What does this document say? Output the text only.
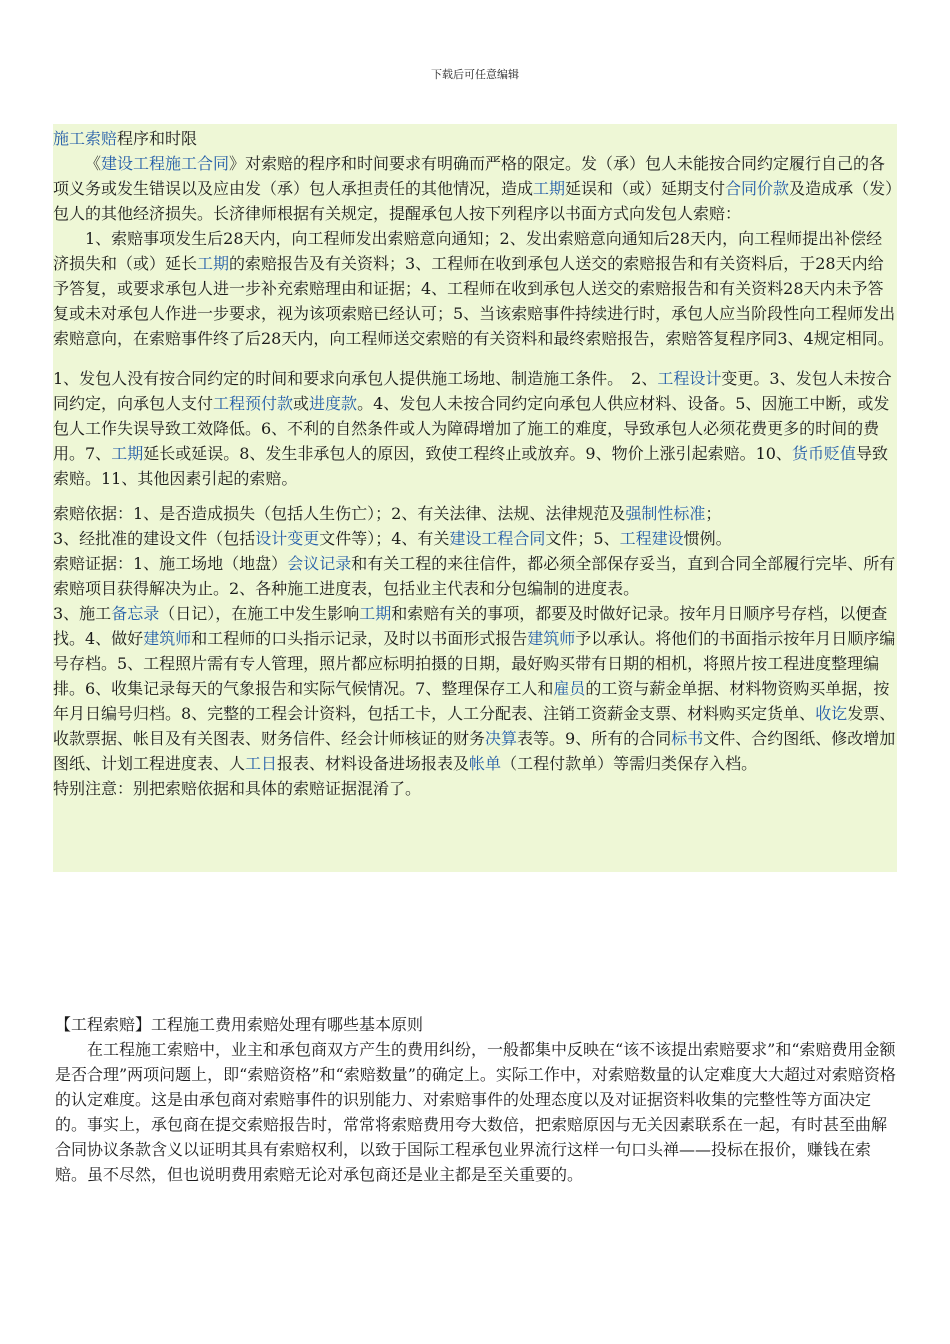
下载后可任意编辑

施工索赔程序和时限

《建设工程施工合同》对索赔的程序和时间要求有明确而严格的限定。发（承）包人未能按合同约定履行自己的各项义务或发生错误以及应由发（承）包人承担责任的其他情况，造成工期延误和（或）延期支付合同价款及造成承（发）包人的其他经济损失。长济律师根据有关规定，提醒承包人按下列程序以书面方式向发包人索赔：

1、索赔事项发生后28天内，向工程师发出索赔意向通知；2、发出索赔意向通知后28天内，向工程师提出补偿经济损失和（或）延长工期的索赔报告及有关资料；3、工程师在收到承包人送交的索赔报告和有关资料后，于28天内给予答复，或要求承包人进一步补充索赔理由和证据；4、工程师在收到承包人送交的索赔报告和有关资料28天内未予答复或未对承包人作进一步要求，视为该项索赔已经认可；5、当该索赔事件持续进行时，承包人应当阶段性向工程师发出索赔意向，在索赔事件终了后28天内，向工程师送交索赔的有关资料和最终索赔报告，索赔答复程序同3、4规定相同。

1、发包人没有按合同约定的时间和要求向承包人提供施工场地、制造施工条件。　2、工程设计变更。3、发包人未按合同约定，向承包人支付工程预付款或进度款。4、发包人未按合同约定向承包人供应材料、设备。5、因施工中断，或发包人工作失误导致工效降低。6、不利的自然条件或人为障碍增加了施工的难度，导致承包人必须花费更多的时间的费用。7、工期延长或延误。8、发生非承包人的原因，致使工程终止或放弃。9、物价上涨引起索赔。10、货币贬值导致索赔。11、其他因素引起的索赔。

索赔依据：1、是否造成损失（包括人生伤亡）；2、有关法律、法规、法律规范及强制性标准；

3、经批准的建设文件（包括设计变更文件等）；4、有关建设工程合同文件；5、工程建设惯例。

索赔证据：1、施工场地（地盘）会议记录和有关工程的来往信件，都必须全部保存妥当，直到合同全部履行完毕、所有索赔项目获得解决为止。2、各种施工进度表，包括业主代表和分包编制的进度表。

3、施工备忘录（日记），在施工中发生影响工期和索赔有关的事项，都要及时做好记录。按年月日顺序号存档，以便查找。4、做好建筑师和工程师的口头指示记录，及时以书面形式报告建筑师予以承认。将他们的书面指示按年月日顺序编号存档。5、工程照片需有专人管理，照片都应标明拍摄的日期，最好购买带有日期的相机，将照片按工程进度整理编排。6、收集记录每天的气象报告和实际气候情况。7、整理保存工人和雇员的工资与薪金单据、材料物资购买单据，按年月日编号归档。8、完整的工程会计资料，包括工卡，人工分配表、注销工资薪金支票、材料购买定货单、收讫发票、收款票据、帐目及有关图表、财务信件、经会计师核证的财务决算表等。9、所有的合同标书文件、合约图纸、修改增加图纸、计划工程进度表、人工日报表、材料设备进场报表及帐单（工程付款单）等需归类保存入档。

特别注意：别把索赔依据和具体的索赔证据混淆了。

【工程索赔】工程施工费用索赔处理有哪些基本原则

在工程施工索赔中，业主和承包商双方产生的费用纠纷，一般都集中反映在“该不该提出索赔要求”和“索赔费用金额是否合理”两项问题上，即“索赔资格”和“索赔数量”的确定上。实际工作中，对索赔数量的认定难度大大超过对索赔资格的认定难度。这是由承包商对索赔事件的识别能力、对索赔事件的处理态度以及对证据资料收集的完整性等方面决定的。事实上，承包商在提交索赔报告时，常常将索赔费用夸大数倍，把索赔原因与无关因素联系在一起，有时甚至曲解合同协议条款含义以证明其具有索赔权利，以致于国际工程承包业界流行这样一句口头禅——投标在报价，赚钱在索赔。虽不尽然，但也说明费用索赔无论对承包商还是业主都是至关重要的。
